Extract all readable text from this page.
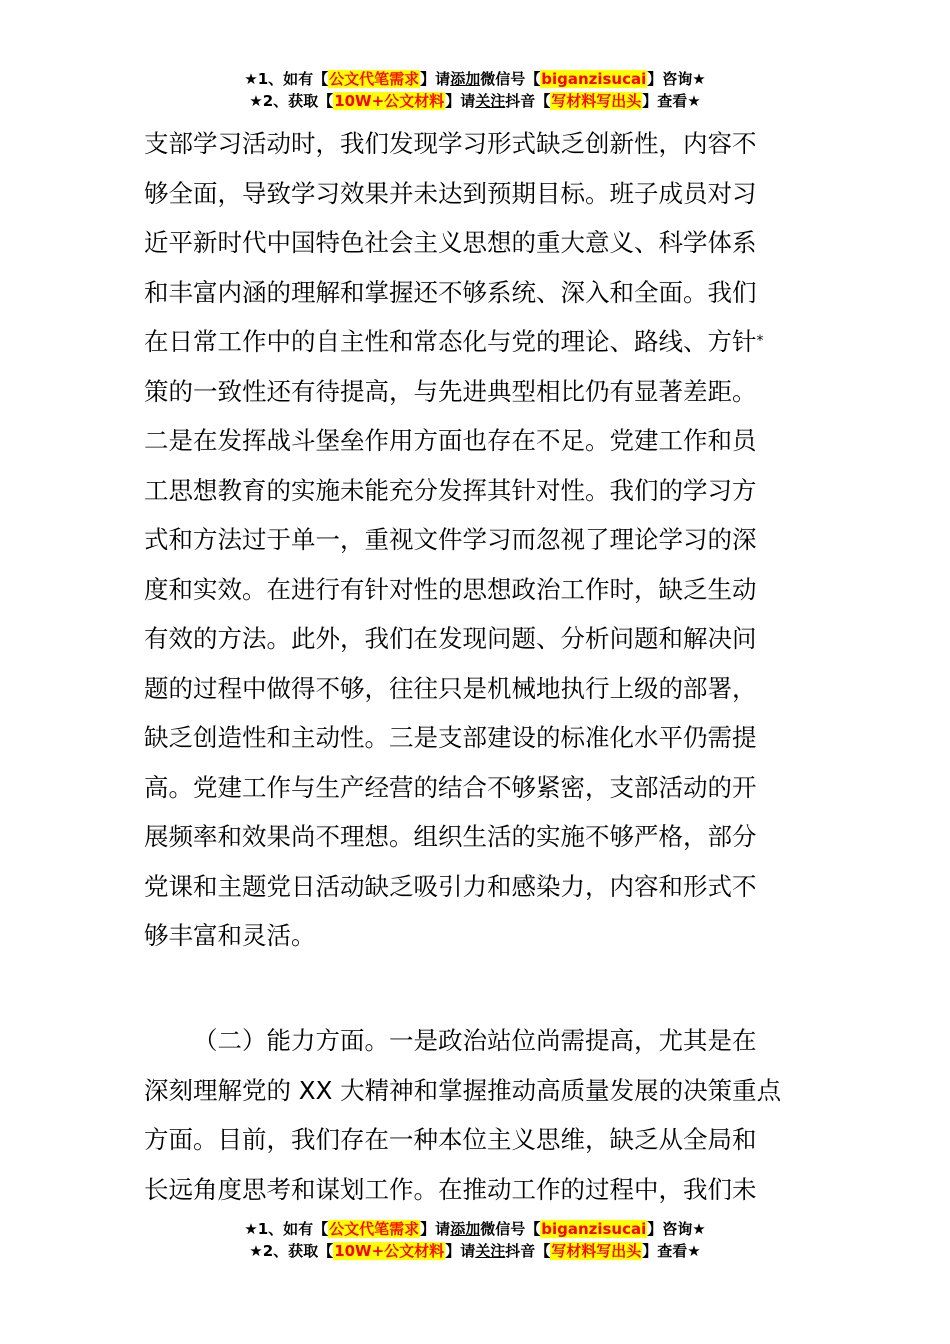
★1、如有【公文代笔需求】请添加微信号【biganzisucai】咨询★
★2、获取【10W+公文材料】请关注抖音【写材料写出头】查看★
支部学习活动时，我们发现学习形式缺乏创新性，内容不
够全面，导致学习效果并未达到预期目标。班子成员对习
近平新时代中国特色社会主义思想的重大意义、科学体系
和丰富内涵的理解和掌握还不够系统、深入和全面。我们
在日常工作中的自主性和常态化与党的理论、路线、方针*
策的一致性还有待提高，与先进典型相比仍有显著差距。
二是在发挥战斗堡垒作用方面也存在不足。党建工作和员
工思想教育的实施未能充分发挥其针对性。我们的学习方
式和方法过于单一，重视文件学习而忽视了理论学习的深
度和实效。在进行有针对性的思想政治工作时，缺乏生动
有效的方法。此外，我们在发现问题、分析问题和解决问
题的过程中做得不够，往往只是机械地执行上级的部署，
缺乏创造性和主动性。三是支部建设的标准化水平仍需提
高。党建工作与生产经营的结合不够紧密，支部活动的开
展频率和效果尚不理想。组织生活的实施不够严格，部分
党课和主题党日活动缺乏吸引力和感染力，内容和形式不
够丰富和灵活。
（二）能力方面。一是政治站位尚需提高，尤其是在
深刻理解党的 XX 大精神和掌握推动高质量发展的决策重点
方面。目前，我们存在一种本位主义思维，缺乏从全局和
长远角度思考和谋划工作。在推动工作的过程中，我们未
★1、如有【公文代笔需求】请添加微信号【biganzisucai】咨询★
★2、获取【10W+公文材料】请关注抖音【写材料写出头】查看★
